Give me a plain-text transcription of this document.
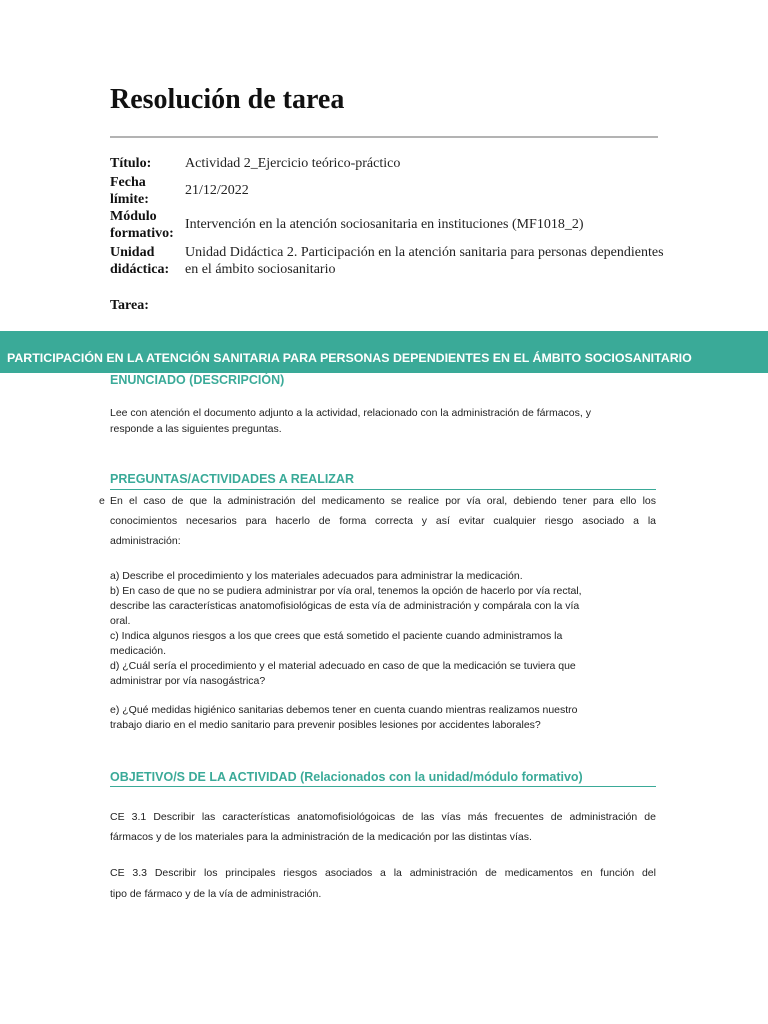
Resolución de tarea
Título:	Actividad 2_Ejercicio teórico-práctico
Fecha límite:
21/12/2022
Módulo formativo:
Intervención en la atención sociosanitaria en instituciones (MF1018_2)
Unidad didáctica:
Unidad Didáctica 2. Participación en la atención sanitaria para personas dependientes en el ámbito sociosanitario
Tarea:
PARTICIPACIÓN EN LA ATENCIÓN SANITARIA PARA PERSONAS DEPENDIENTES EN EL ÁMBITO SOCIOSANITARIO
ENUNCIADO (DESCRIPCIÓN)
Lee con atención el documento adjunto a la actividad, relacionado con la administración de fármacos, y
responde a las siguientes preguntas.
PREGUNTAS/ACTIVIDADES A REALIZAR
e En el caso de que la administración del medicamento se realice por vía oral, debiendo tener para ello los
conocimientos necesarios para hacerlo de forma correcta y así evitar cualquier riesgo asociado a la
administración:
a) Describe el procedimiento y los materiales adecuados para administrar la medicación.
b) En caso de que no se pudiera administrar por vía oral, tenemos la opción de hacerlo por vía rectal,
describe las características anatomofisiológicas de esta vía de administración y compárala con la vía
oral.
c) Indica algunos riesgos a los que crees que está sometido el paciente cuando administramos la
medicación.
d) ¿Cuál sería el procedimiento y el material adecuado en caso de que la medicación se tuviera que
administrar por vía nasogástrica?
e) ¿Qué medidas higiénico sanitarias debemos tener en cuenta cuando mientras realizamos nuestro
trabajo diario en el medio sanitario para prevenir posibles lesiones por accidentes laborales?
OBJETIVO/S DE LA ACTIVIDAD (Relacionados con la unidad/módulo formativo)
CE 3.1 Describir las características anatomofisiológoicas de las vías más frecuentes de administración de
fármacos y de los materiales para la administración de la medicación por las distintas vías.
CE 3.3 Describir los principales riesgos asociados a la administración de medicamentos en función del
tipo de fármaco y de la vía de administración.
